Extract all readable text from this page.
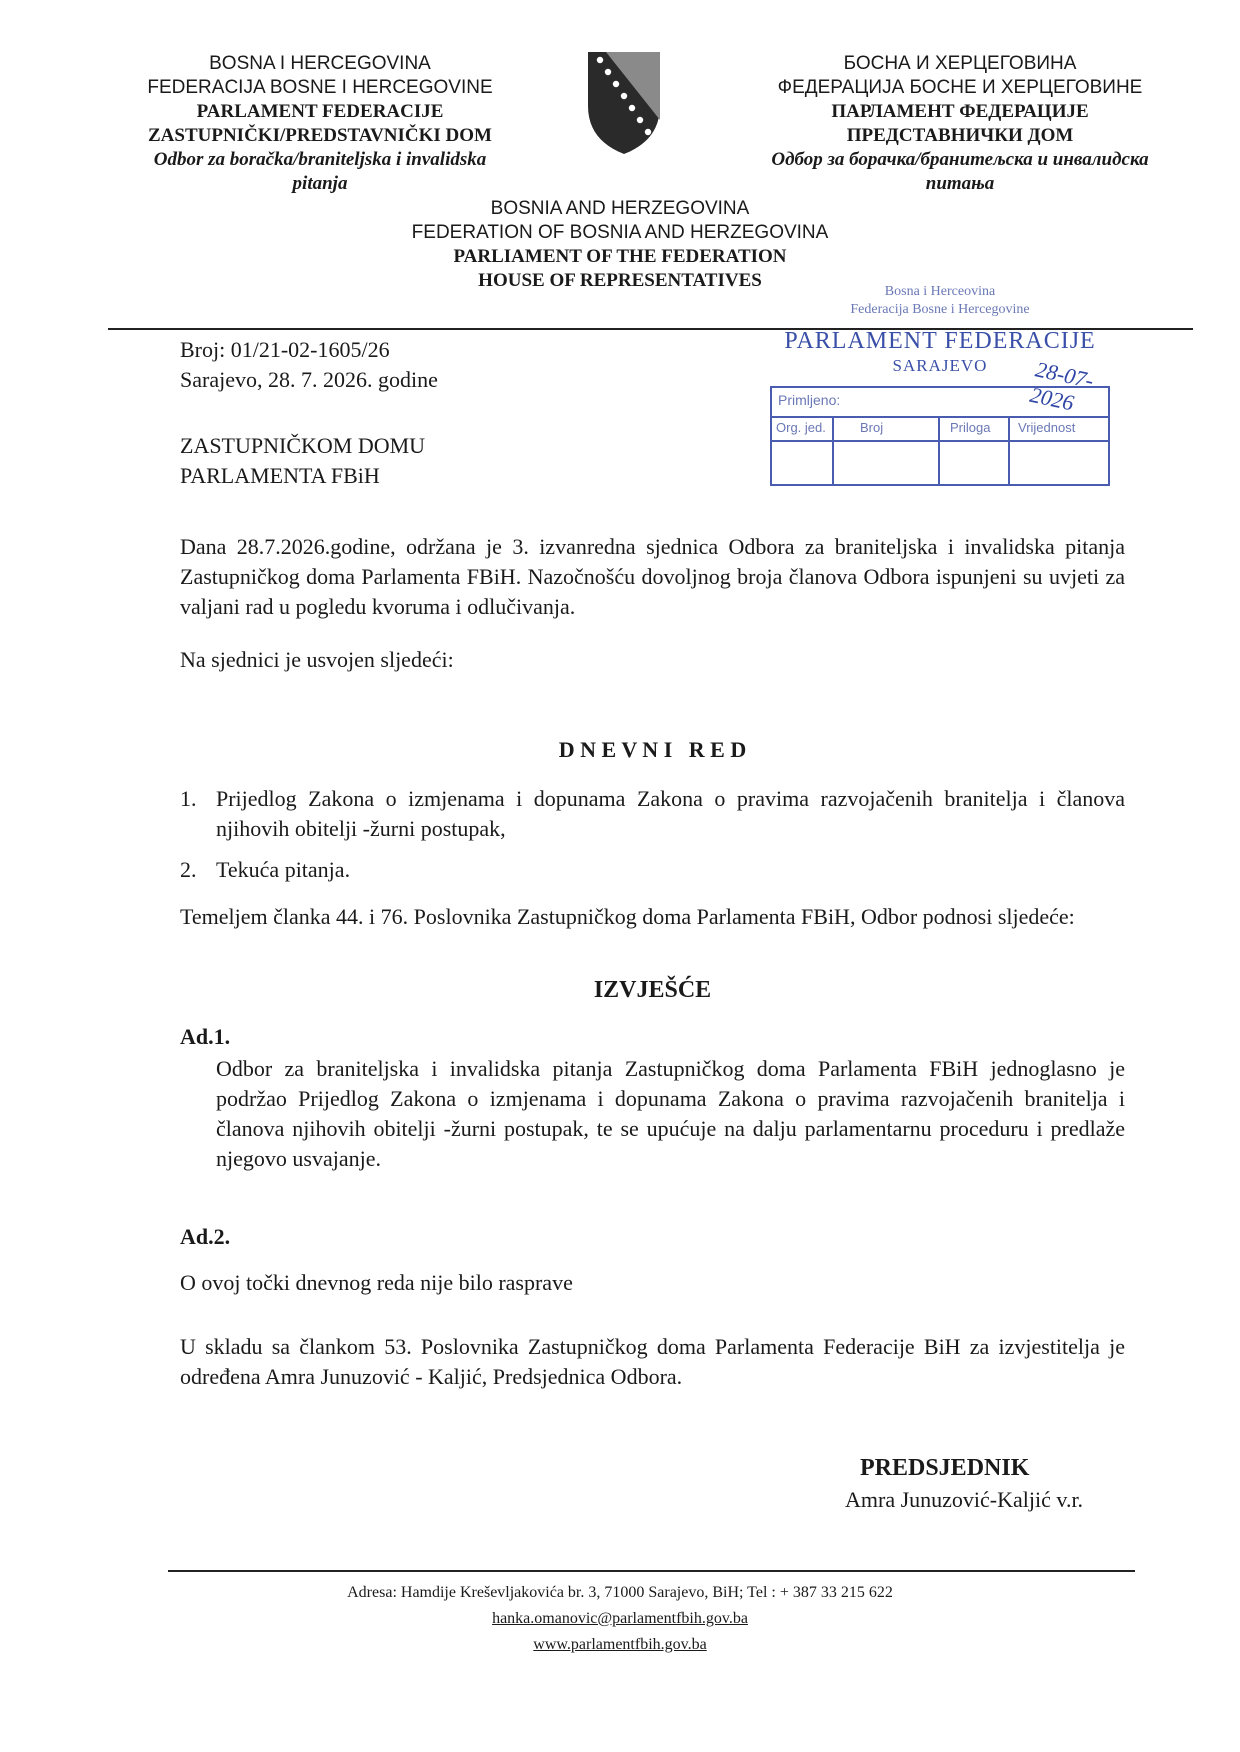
BOSNA I HERCEGOVINA
FEDERACIJA BOSNE I HERCEGOVINE
PARLAMENT FEDERACIJE
ZASTUPNIČKI/PREDSTAVNIČKI DOM
Odbor za boračka/braniteljska i invalidska
pitanja
БОСНА И ХЕРЦЕГОВИНА
ФЕДЕРАЦИЈА БОСНЕ И ХЕРЦЕГОВИНЕ
ПАРЛАМЕНТ ФЕДЕРАЦИЈЕ
ПРЕДСТАВНИЧКИ ДОМ
Одбор за борачка/бранитељска и инвалидска
питања
BOSNIA AND HERZEGOVINA
FEDERATION OF BOSNIA AND HERZEGOVINA
PARLIAMENT OF THE FEDERATION
HOUSE OF REPRESENTATIVES
Bosna i Herceovina
Federacija Bosne i Hercegovine
PARLAMENT FEDERACIJE
SARAJEVO	28-07-2026
Primljeno:
Org. jed.	Broj	Priloga Vrijednost
Broj: 01/21-02-1605/26
Sarajevo, 28. 7. 2026. godine
ZASTUPNIČKOM DOMU
PARLAMENTA FBiH
Dana 28.7.2026.godine, održana je 3. izvanredna sjednica Odbora za braniteljska i invalidska pitanja Zastupničkog doma Parlamenta FBiH. Nazočnošću dovoljnog broja članova Odbora ispunjeni su uvjeti za valjani rad u pogledu kvoruma i odlučivanja.
Na sjednici je usvojen sljedeći:
D N E V N I   R E D
1. Prijedlog Zakona o izmjenama i dopunama Zakona o pravima razvojačenih branitelja i članova njihovih obitelji -žurni postupak,
2. Tekuća pitanja.
Temeljem članka 44. i 76. Poslovnika Zastupničkog doma Parlamenta FBiH, Odbor podnosi sljedeće:
IZVJEŠĆE
Ad.1.
Odbor za braniteljska i invalidska pitanja Zastupničkog doma Parlamenta FBiH jednoglasno je podržao Prijedlog Zakona o izmjenama i dopunama Zakona o pravima razvojačenih branitelja i članova njihovih obitelji -žurni postupak, te se upućuje na dalju parlamentarnu proceduru i predlaže njegovo usvajanje.
Ad.2.
O ovoj točki dnevnog reda nije bilo rasprave
U skladu sa člankom 53. Poslovnika Zastupničkog doma Parlamenta Federacije BiH za izvjestitelja je određena Amra Junuzović - Kaljić, Predsjednica Odbora.
PREDSJEDNIK
Amra Junuzović-Kaljić v.r.
Adresa: Hamdije Kreševljakovića br. 3, 71000 Sarajevo, BiH; Tel : + 387 33 215 622
hanka.omanovic@parlamentfbih.gov.ba
www.parlamentfbih.gov.ba
